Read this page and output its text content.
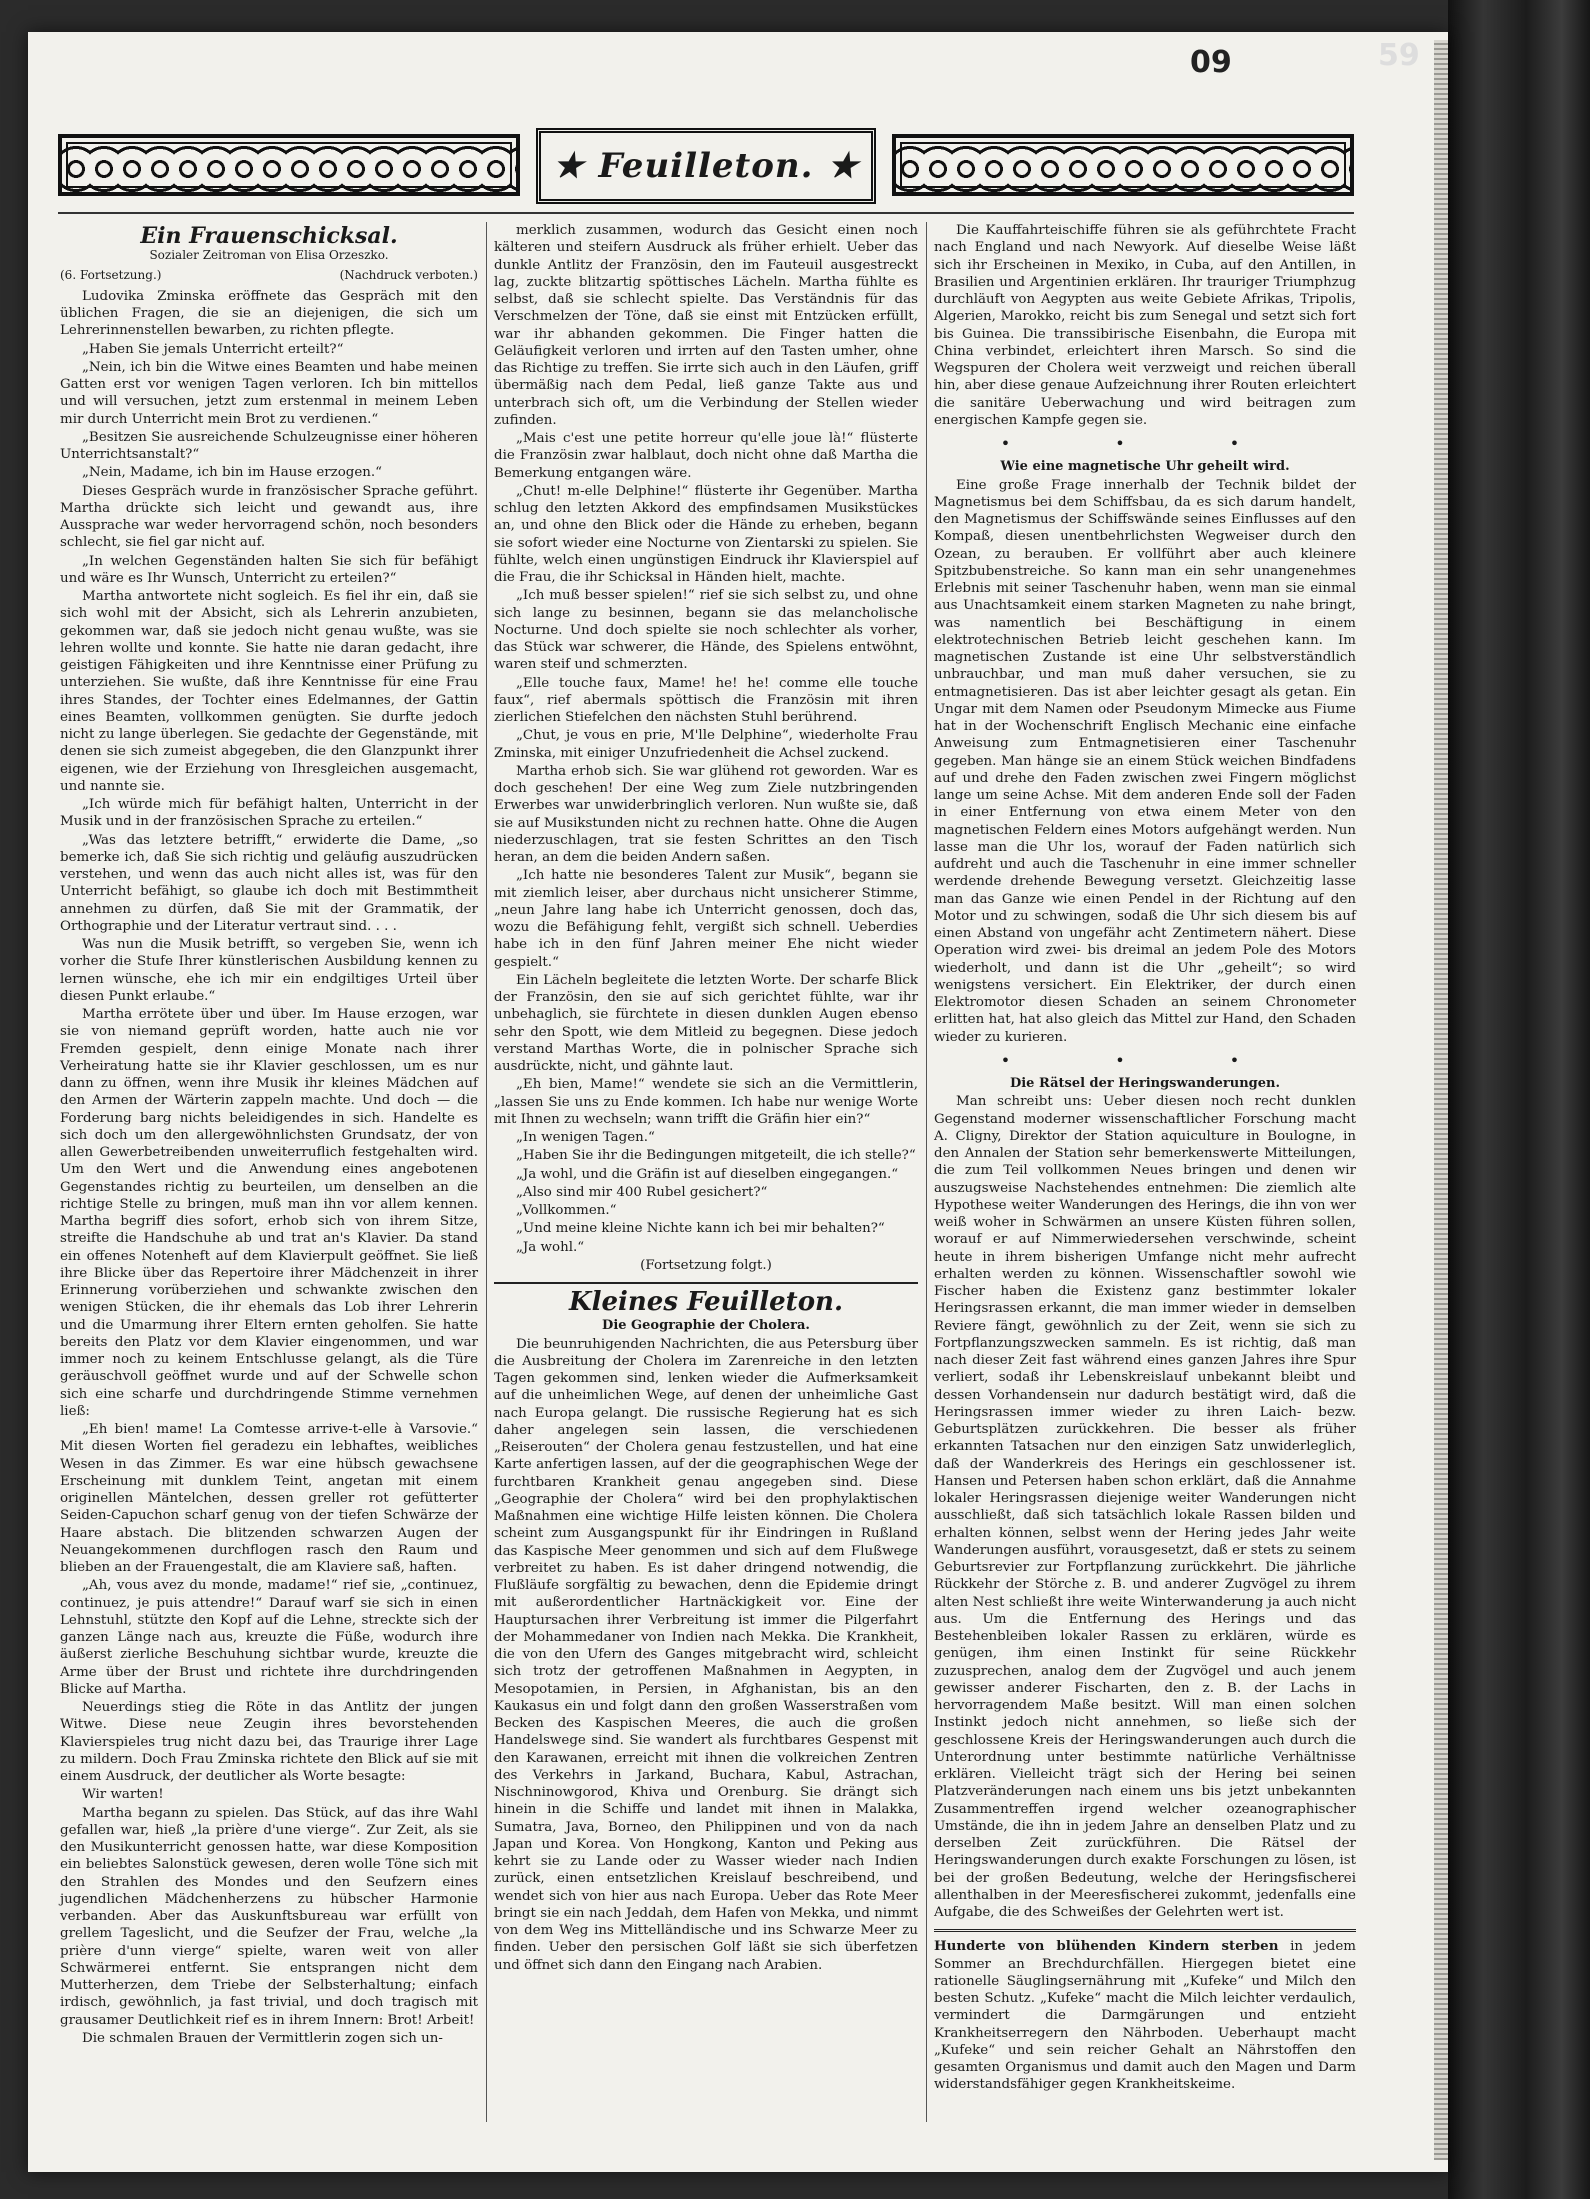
60	59
★ Feuilleton. ★
Ein Frauenschicksal.
Sozialer Zeitroman von Elisa Orzeszko.
(6. Fortsetzung.)	(Nachdruck verboten.)

Ludovika Zminska eröffnete das Gespräch mit den üblichen Fragen, die sie an diejenigen, die sich um Lehrerinnenstellen bewarben, zu richten pflegte.

„Haben Sie jemals Unterricht erteilt?“

„Nein, ich bin die Witwe eines Beamten und habe meinen Gatten erst vor wenigen Tagen verloren. Ich bin mittellos und will versuchen, jetzt zum erstenmal in meinem Leben mir durch Unterricht mein Brot zu verdienen.“

„Besitzen Sie ausreichende Schulzeugnisse einer höheren Unterrichtsanstalt?“

„Nein, Madame, ich bin im Hause erzogen.“

Dieses Gespräch wurde in französischer Sprache geführt. Martha drückte sich leicht und gewandt aus, ihre Aussprache war weder hervorragend schön, noch besonders schlecht, sie fiel gar nicht auf.

„In welchen Gegenständen halten Sie sich für befähigt und wäre es Ihr Wunsch, Unterricht zu erteilen?“

Martha antwortete nicht sogleich. Es fiel ihr ein, daß sie sich wohl mit der Absicht, sich als Lehrerin anzubieten, gekommen war, daß sie jedoch nicht genau wußte, was sie lehren wollte und konnte. Sie hatte nie daran gedacht, ihre geistigen Fähigkeiten und ihre Kenntnisse einer Prüfung zu unterziehen. Sie wußte, daß ihre Kenntnisse für eine Frau ihres Standes, der Tochter eines Edelmannes, der Gattin eines Beamten, vollkommen genügten. Sie durfte jedoch nicht zu lange überlegen. Sie gedachte der Gegenstände, mit denen sie sich zumeist abgegeben, die den Glanzpunkt ihrer eigenen, wie der Erziehung von Ihresgleichen ausgemacht, und nannte sie.

„Ich würde mich für befähigt halten, Unterricht in der Musik und in der französischen Sprache zu erteilen.“

„Was das letztere betrifft,“ erwiderte die Dame, „so bemerke ich, daß Sie sich richtig und geläufig auszudrücken verstehen, und wenn das auch nicht alles ist, was für den Unterricht befähigt, so glaube ich doch mit Bestimmtheit annehmen zu dürfen, daß Sie mit der Grammatik, der Orthographie und der Literatur vertraut sind. . . .

Was nun die Musik betrifft, so vergeben Sie, wenn ich vorher die Stufe Ihrer künstlerischen Ausbildung kennen zu lernen wünsche, ehe ich mir ein endgiltiges Urteil über diesen Punkt erlaube.“

Martha errötete über und über. Im Hause erzogen, war sie von niemand geprüft worden, hatte auch nie vor Fremden gespielt, denn einige Monate nach ihrer Verheiratung hatte sie ihr Klavier geschlossen, um es nur dann zu öffnen, wenn ihre Musik ihr kleines Mädchen auf den Armen der Wärterin zappeln machte. Und doch — die Forderung barg nichts beleidigendes in sich. Handelte es sich doch um den allergewöhnlichsten Grundsatz, der von allen Gewerbetreibenden unweiterruflich festgehalten wird. Um den Wert und die Anwendung eines angebotenen Gegenstandes richtig zu beurteilen, um denselben an die richtige Stelle zu bringen, muß man ihn vor allem kennen. Martha begriff dies sofort, erhob sich von ihrem Sitze, streifte die Handschuhe ab und trat an's Klavier. Da stand ein offenes Notenheft auf dem Klavierpult geöffnet. Sie ließ ihre Blicke über das Repertoire ihrer Mädchenzeit in ihrer Erinnerung vorüberziehen und schwankte zwischen den wenigen Stücken, die ihr ehemals das Lob ihrer Lehrerin und die Umarmung ihrer Eltern ernten geholfen. Sie hatte bereits den Platz vor dem Klavier eingenommen, und war immer noch zu keinem Entschlusse gelangt, als die Türe geräuschvoll geöffnet wurde und auf der Schwelle schon sich eine scharfe und durchdringende Stimme vernehmen ließ:

„Eh bien! mame! La Comtesse arrive-t-elle à Varsovie.“ Mit diesen Worten fiel geradezu ein lebhaftes, weibliches Wesen in das Zimmer. Es war eine hübsch gewachsene Erscheinung mit dunklem Teint, angetan mit einem originellen Mäntelchen, dessen greller rot gefütterter Seiden-Capuchon scharf genug von der tiefen Schwärze der Haare abstach. Die blitzenden schwarzen Augen der Neuangekommenen durchflogen rasch den Raum und blieben an der Frauengestalt, die am Klaviere saß, haften.

„Ah, vous avez du monde, madame!“ rief sie, „continuez, continuez, je puis attendre!“ Darauf warf sie sich in einen Lehnstuhl, stützte den Kopf auf die Lehne, streckte sich der ganzen Länge nach aus, kreuzte die Füße, wodurch ihre äußerst zierliche Beschuhung sichtbar wurde, kreuzte die Arme über der Brust und richtete ihre durchdringenden Blicke auf Martha.

Neuerdings stieg die Röte in das Antlitz der jungen Witwe. Diese neue Zeugin ihres bevorstehenden Klavierspieles trug nicht dazu bei, das Traurige ihrer Lage zu mildern. Doch Frau Zminska richtete den Blick auf sie mit einem Ausdruck, der deutlicher als Worte besagte:

Wir warten!

Martha begann zu spielen. Das Stück, auf das ihre Wahl gefallen war, hieß „la prière d'une vierge“. Zur Zeit, als sie den Musikunterricht genossen hatte, war diese Komposition ein beliebtes Salonstück gewesen, deren wolle Töne sich mit den Strahlen des Mondes und den Seufzern eines jugendlichen Mädchenherzens zu hübscher Harmonie verbanden. Aber das Auskunftsbureau war erfüllt von grellem Tageslicht, und die Seufzer der Frau, welche „la prière d'unn vierge“ spielte, waren weit von aller Schwärmerei entfernt. Sie entsprangen nicht dem Mutterherzen, dem Triebe der Selbsterhaltung; einfach irdisch, gewöhnlich, ja fast trivial, und doch tragisch mit grausamer Deutlichkeit rief es in ihrem Innern: Brot! Arbeit!

Die schmalen Brauen der Vermittlerin zogen sich un-

merklich zusammen, wodurch das Gesicht einen noch kälteren und steifern Ausdruck als früher erhielt. Ueber das dunkle Antlitz der Französin, den im Fauteuil ausgestreckt lag, zuckte blitzartig spöttisches Lächeln. Martha fühlte es selbst, daß sie schlecht spielte. Das Verständnis für das Verschmelzen der Töne, daß sie einst mit Entzücken erfüllt, war ihr abhanden gekommen. Die Finger hatten die Geläufigkeit verloren und irrten auf den Tasten umher, ohne das Richtige zu treffen. Sie irrte sich auch in den Läufen, griff übermäßig nach dem Pedal, ließ ganze Takte aus und unterbrach sich oft, um die Verbindung der Stellen wieder zufinden.

„Mais c'est une petite horreur qu'elle joue là!“ flüsterte die Französin zwar halblaut, doch nicht ohne daß Martha die Bemerkung entgangen wäre.

„Chut! m-elle Delphine!“ flüsterte ihr Gegenüber. Martha schlug den letzten Akkord des empfindsamen Musikstückes an, und ohne den Blick oder die Hände zu erheben, begann sie sofort wieder eine Nocturne von Zientarski zu spielen. Sie fühlte, welch einen ungünstigen Eindruck ihr Klavierspiel auf die Frau, die ihr Schicksal in Händen hielt, machte.

„Ich muß besser spielen!“ rief sie sich selbst zu, und ohne sich lange zu besinnen, begann sie das melancholische Nocturne. Und doch spielte sie noch schlechter als vorher, das Stück war schwerer, die Hände, des Spielens entwöhnt, waren steif und schmerzten.

„Elle touche faux, Mame! he! he! comme elle touche faux“, rief abermals spöttisch die Französin mit ihren zierlichen Stiefelchen den nächsten Stuhl berührend.

„Chut, je vous en prie, M'lle Delphine“, wiederholte Frau Zminska, mit einiger Unzufriedenheit die Achsel zuckend.

Martha erhob sich. Sie war glühend rot geworden. War es doch geschehen! Der eine Weg zum Ziele nutzbringenden Erwerbes war unwiderbringlich verloren. Nun wußte sie, daß sie auf Musikstunden nicht zu rechnen hatte. Ohne die Augen niederzuschlagen, trat sie festen Schrittes an den Tisch heran, an dem die beiden Andern saßen.

„Ich hatte nie besonderes Talent zur Musik“, begann sie mit ziemlich leiser, aber durchaus nicht unsicherer Stimme, „neun Jahre lang habe ich Unterricht genossen, doch das, wozu die Befähigung fehlt, vergißt sich schnell. Ueberdies habe ich in den fünf Jahren meiner Ehe nicht wieder gespielt.“

Ein Lächeln begleitete die letzten Worte. Der scharfe Blick der Französin, den sie auf sich gerichtet fühlte, war ihr unbehaglich, sie fürchtete in diesen dunklen Augen ebenso sehr den Spott, wie dem Mitleid zu begegnen. Diese jedoch verstand Marthas Worte, die in polnischer Sprache sich ausdrückte, nicht, und gähnte laut.

„Eh bien, Mame!“ wendete sie sich an die Vermittlerin, „lassen Sie uns zu Ende kommen. Ich habe nur wenige Worte mit Ihnen zu wechseln; wann trifft die Gräfin hier ein?“

„In wenigen Tagen.“

„Haben Sie ihr die Bedingungen mitgeteilt, die ich stelle?“

„Ja wohl, und die Gräfin ist auf dieselben eingegangen.“

„Also sind mir 400 Rubel gesichert?“

„Vollkommen.“

„Und meine kleine Nichte kann ich bei mir behalten?“

„Ja wohl.“

(Fortsetzung folgt.)

Kleines Feuilleton.

Die Geographie der Cholera.

Die beunruhigenden Nachrichten, die aus Petersburg über die Ausbreitung der Cholera im Zarenreiche in den letzten Tagen gekommen sind, lenken wieder die Aufmerksamkeit auf die unheimlichen Wege, auf denen der unheimliche Gast nach Europa gelangt. Die russische Regierung hat es sich daher angelegen sein lassen, die verschiedenen „Reiserouten“ der Cholera genau festzustellen, und hat eine Karte anfertigen lassen, auf der die geographischen Wege der furchtbaren Krankheit genau angegeben sind. Diese „Geographie der Cholera“ wird bei den prophylaktischen Maßnahmen eine wichtige Hilfe leisten können. Die Cholera scheint zum Ausgangspunkt für ihr Eindringen in Rußland das Kaspische Meer genommen und sich auf dem Flußwege verbreitet zu haben. Es ist daher dringend notwendig, die Flußläufe sorgfältig zu bewachen, denn die Epidemie dringt mit außerordentlicher Hartnäckigkeit vor. Eine der Hauptursachen ihrer Verbreitung ist immer die Pilgerfahrt der Mohammedaner von Indien nach Mekka. Die Krankheit, die von den Ufern des Ganges mitgebracht wird, schleicht sich trotz der getroffenen Maßnahmen in Aegypten, in Mesopotamien, in Persien, in Afghanistan, bis an den Kaukasus ein und folgt dann den großen Wasserstraßen vom Becken des Kaspischen Meeres, die auch die großen Handelswege sind. Sie wandert als furchtbares Gespenst mit den Karawanen, erreicht mit ihnen die volkreichen Zentren des Verkehrs in Jarkand, Buchara, Kabul, Astrachan, Nischninowgorod, Khiva und Orenburg. Sie drängt sich hinein in die Schiffe und landet mit ihnen in Malakka, Sumatra, Java, Borneo, den Philippinen und von da nach Japan und Korea. Von Hongkong, Kanton und Peking aus kehrt sie zu Lande oder zu Wasser wieder nach Indien zurück, einen entsetzlichen Kreislauf beschreibend, und wendet sich von hier aus nach Europa. Ueber das Rote Meer bringt sie ein nach Jeddah, dem Hafen von Mekka, und nimmt von dem Weg ins Mittelländische und ins Schwarze Meer zu finden. Ueber den persischen Golf läßt sie sich überfetzen und öffnet sich dann den Eingang nach Arabien.

Die Kauffahrteischiffe führen sie als geführchtete Fracht nach England und nach Newyork. Auf dieselbe Weise läßt sich ihr Erscheinen in Mexiko, in Cuba, auf den Antillen, in Brasilien und Argentinien erklären. Ihr trauriger Triumphzug durchläuft von Aegypten aus weite Gebiete Afrikas, Tripolis, Algerien, Marokko, reicht bis zum Senegal und setzt sich fort bis Guinea. Die transsibirische Eisenbahn, die Europa mit China verbindet, erleichtert ihren Marsch. So sind die Wegspuren der Cholera weit verzweigt und reichen überall hin, aber diese genaue Aufzeichnung ihrer Routen erleichtert die sanitäre Ueberwachung und wird beitragen zum energischen Kampfe gegen sie.

• • •

Wie eine magnetische Uhr geheilt wird.

Eine große Frage innerhalb der Technik bildet der Magnetismus bei dem Schiffsbau, da es sich darum handelt, den Magnetismus der Schiffswände seines Einflusses auf den Kompaß, diesen unentbehrlichsten Wegweiser durch den Ozean, zu berauben. Er vollführt aber auch kleinere Spitzbubenstreiche. So kann man ein sehr unangenehmes Erlebnis mit seiner Taschenuhr haben, wenn man sie einmal aus Unachtsamkeit einem starken Magneten zu nahe bringt, was namentlich bei Beschäftigung in einem elektrotechnischen Betrieb leicht geschehen kann. Im magnetischen Zustande ist eine Uhr selbstverständlich unbrauchbar, und man muß daher versuchen, sie zu entmagnetisieren. Das ist aber leichter gesagt als getan. Ein Ungar mit dem Namen oder Pseudonym Mimecke aus Fiume hat in der Wochenschrift Englisch Mechanic eine einfache Anweisung zum Entmagnetisieren einer Taschenuhr gegeben. Man hänge sie an einem Stück weichen Bindfadens auf und drehe den Faden zwischen zwei Fingern möglichst lange um seine Achse. Mit dem anderen Ende soll der Faden in einer Entfernung von etwa einem Meter von den magnetischen Feldern eines Motors aufgehängt werden. Nun lasse man die Uhr los, worauf der Faden natürlich sich aufdreht und auch die Taschenuhr in eine immer schneller werdende drehende Bewegung versetzt. Gleichzeitig lasse man das Ganze wie einen Pendel in der Richtung auf den Motor und zu schwingen, sodaß die Uhr sich diesem bis auf einen Abstand von ungefähr acht Zentimetern nähert. Diese Operation wird zwei- bis dreimal an jedem Pole des Motors wiederholt, und dann ist die Uhr „geheilt“; so wird wenigstens versichert. Ein Elektriker, der durch einen Elektromotor diesen Schaden an seinem Chronometer erlitten hat, hat also gleich das Mittel zur Hand, den Schaden wieder zu kurieren.

• • •

Die Rätsel der Heringswanderungen.

Man schreibt uns: Ueber diesen noch recht dunklen Gegenstand moderner wissenschaftlicher Forschung macht A. Cligny, Direktor der Station aquiculture in Boulogne, in den Annalen der Station sehr bemerkenswerte Mitteilungen, die zum Teil vollkommen Neues bringen und denen wir auszugsweise Nachstehendes entnehmen: Die ziemlich alte Hypothese weiter Wanderungen des Herings, die ihn von wer weiß woher in Schwärmen an unsere Küsten führen sollen, worauf er auf Nimmerwiedersehen verschwinde, scheint heute in ihrem bisherigen Umfange nicht mehr aufrecht erhalten werden zu können. Wissenschaftler sowohl wie Fischer haben die Existenz ganz bestimmter lokaler Heringsrassen erkannt, die man immer wieder in demselben Reviere fängt, gewöhnlich zu der Zeit, wenn sie sich zu Fortpflanzungszwecken sammeln. Es ist richtig, daß man nach dieser Zeit fast während eines ganzen Jahres ihre Spur verliert, sodaß ihr Lebenskreislauf unbekannt bleibt und dessen Vorhandensein nur dadurch bestätigt wird, daß die Heringsrassen immer wieder zu ihren Laich- bezw. Geburtsplätzen zurückkehren. Die besser als früher erkannten Tatsachen nur den einzigen Satz unwiderleglich, daß der Wanderkreis des Herings ein geschlossener ist. Hansen und Petersen haben schon erklärt, daß die Annahme lokaler Heringsrassen diejenige weiter Wanderungen nicht ausschließt, daß sich tatsächlich lokale Rassen bilden und erhalten können, selbst wenn der Hering jedes Jahr weite Wanderungen ausführt, vorausgesetzt, daß er stets zu seinem Geburtsrevier zur Fortpflanzung zurückkehrt. Die jährliche Rückkehr der Störche z. B. und anderer Zugvögel zu ihrem alten Nest schließt ihre weite Winterwanderung ja auch nicht aus. Um die Entfernung des Herings und das Bestehenbleiben lokaler Rassen zu erklären, würde es genügen, ihm einen Instinkt für seine Rückkehr zuzusprechen, analog dem der Zugvögel und auch jenem gewisser anderer Fischarten, den z. B. der Lachs in hervorragendem Maße besitzt. Will man einen solchen Instinkt jedoch nicht annehmen, so ließe sich der geschlossene Kreis der Heringswanderungen auch durch die Unterordnung unter bestimmte natürliche Verhältnisse erklären. Vielleicht trägt sich der Hering bei seinen Platzveränderungen nach einem uns bis jetzt unbekannten Zusammentreffen irgend welcher ozeanographischer Umstände, die ihn in jedem Jahre an denselben Platz und zu derselben Zeit zurückführen. Die Rätsel der Heringswanderungen durch exakte Forschungen zu lösen, ist bei der großen Bedeutung, welche der Heringsfischerei allenthalben in der Meeresfischerei zukommt, jedenfalls eine Aufgabe, die des Schweißes der Gelehrten wert ist.

Hunderte von blühenden Kindern sterben in jedem Sommer an Brechdurchfällen. Hiergegen bietet eine rationelle Säuglingsernährung mit „Kufeke“ und Milch den besten Schutz. „Kufeke“ macht die Milch leichter verdaulich, vermindert die Darmgärungen und entzieht Krankheitserregern den Nährboden. Ueberhaupt macht „Kufeke“ und sein reicher Gehalt an Nährstoffen den gesamten Organismus und damit auch den Magen und Darm widerstandsfähiger gegen Krankheitskeime.
